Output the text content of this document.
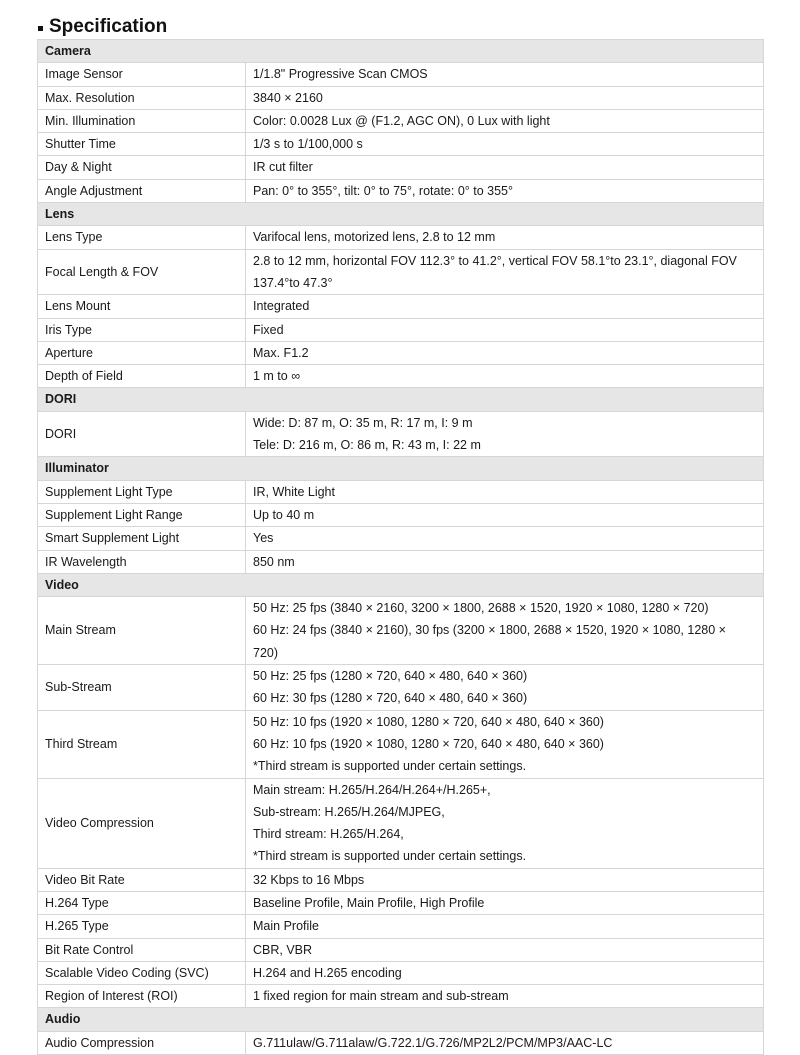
Specification
Camera	
Image Sensor	1/1.8" Progressive Scan CMOS

Max. Resolution	3840 × 2160

Min. Illumination	Color: 0.0028 Lux @ (F1.2, AGC ON), 0 Lux with light

Shutter Time	1/3 s to 1/100,000 s

Day & Night	IR cut filter

Angle Adjustment	Pan: 0° to 355°, tilt: 0° to 75°, rotate: 0° to 355°

Lens	
Lens Type	Varifocal lens, motorized lens, 2.8 to 12 mm

Focal Length & FOV	2.8 to 12 mm, horizontal FOV 112.3° to 41.2°, vertical FOV 58.1°to 23.1°, diagonal FOV
137.4°to 47.3°

Lens Mount	Integrated

Iris Type	Fixed

Aperture	Max. F1.2

Depth of Field	1 m to ∞

DORI	
DORI	Wide: D: 87 m, O: 35 m, R: 17 m, I: 9 m
Tele: D: 216 m, O: 86 m, R: 43 m, I: 22 m

Illuminator	
Supplement Light Type	IR, White Light

Supplement Light Range	Up to 40 m

Smart Supplement Light	Yes

IR Wavelength	850 nm

Video	
Main Stream	50 Hz: 25 fps (3840 × 2160, 3200 × 1800, 2688 × 1520, 1920 × 1080, 1280 × 720)
60 Hz: 24 fps (3840 × 2160), 30 fps (3200 × 1800, 2688 × 1520, 1920 × 1080, 1280 ×
720)

Sub-Stream	50 Hz: 25 fps (1280 × 720, 640 × 480, 640 × 360)
60 Hz: 30 fps (1280 × 720, 640 × 480, 640 × 360)

Third Stream	50 Hz: 10 fps (1920 × 1080, 1280 × 720, 640 × 480, 640 × 360)
60 Hz: 10 fps (1920 × 1080, 1280 × 720, 640 × 480, 640 × 360)
*Third stream is supported under certain settings.

Video Compression	Main stream: H.265/H.264/H.264+/H.265+,
Sub-stream: H.265/H.264/MJPEG,
Third stream: H.265/H.264,
*Third stream is supported under certain settings.

Video Bit Rate	32 Kbps to 16 Mbps

H.264 Type	Baseline Profile, Main Profile, High Profile

H.265 Type	Main Profile

Bit Rate Control	CBR, VBR

Scalable Video Coding (SVC)	H.264 and H.265 encoding

Region of Interest (ROI)	1 fixed region for main stream and sub-stream

Audio	
Audio Compression	G.711ulaw/G.711alaw/G.722.1/G.726/MP2L2/PCM/MP3/AAC-LC
